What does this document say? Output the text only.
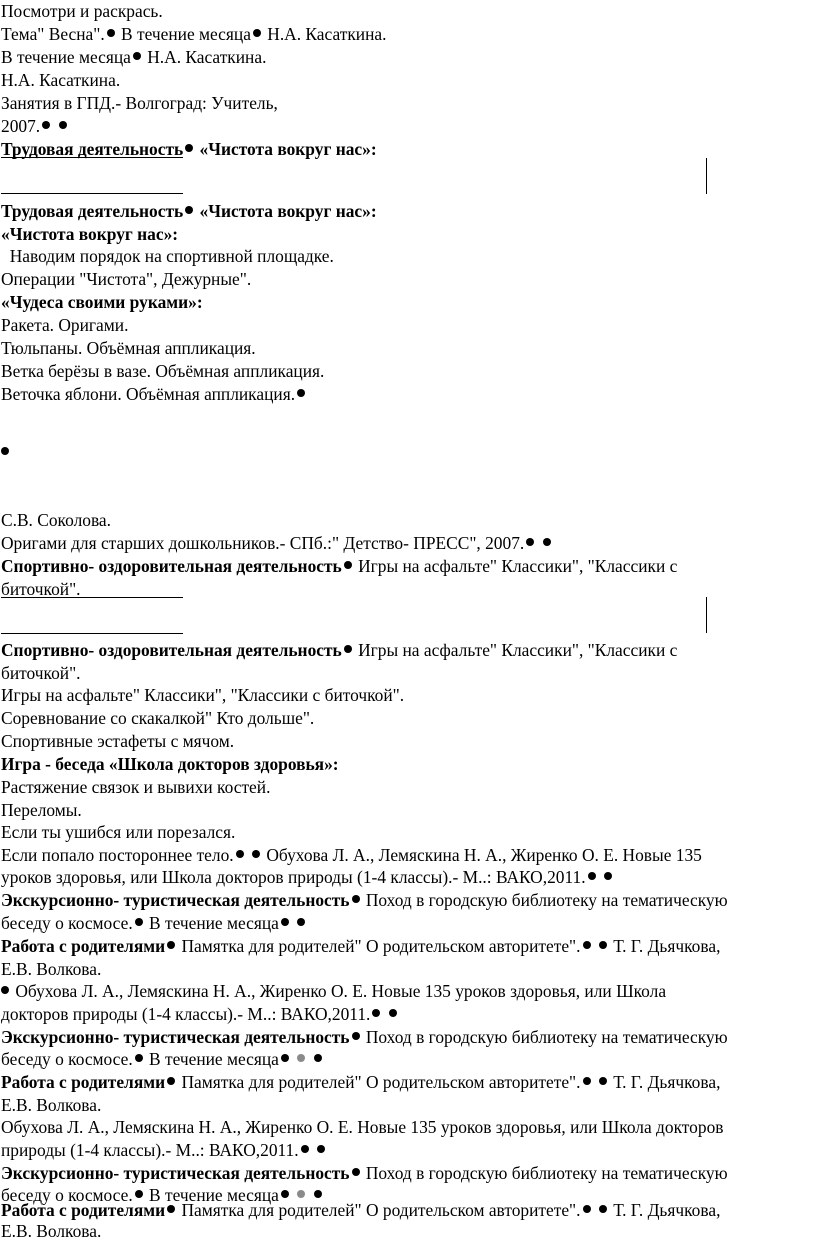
Посмотри и раскрась.
Тема" Весна". В течение месяца Н.А. Касаткина.
В течение месяца Н.А. Касаткина.
Н.А. Касаткина.
Занятия в ГПД.- Волгоград: Учитель,
2007.
Трудовая деятельность «Чистота вокруг нас»:
Трудовая деятельность «Чистота вокруг нас»:
«Чистота вокруг нас»:
Наводим порядок на спортивной площадке.
Операции "Чистота", Дежурные".
«Чудеса своими руками»:
Ракета. Оригами.
Тюльпаны. Объёмная аппликация.
Ветка берёзы в вазе. Объёмная аппликация.
Веточка яблони. Объёмная аппликация.
С.В. Соколова.
Оригами для старших дошкольников.- СПб.:" Детство- ПРЕСС", 2007.
Спортивно- оздоровительная деятельность Игры на асфальте" Классики", "Классики с
биточкой".
Спортивно- оздоровительная деятельность Игры на асфальте" Классики", "Классики с
биточкой".
Игры на асфальте" Классики", "Классики с биточкой".
Соревнование со скакалкой" Кто дольше".
Спортивные эстафеты с мячом.
Игра - беседа «Школа докторов здоровья»:
Растяжение связок и вывихи костей.
Переломы.
Если ты ушибся или порезался.
Если попало постороннее тело.  Обухова Л. А., Лемяскина Н. А., Жиренко О. Е. Новые 135
уроков здоровья, или Школа докторов природы (1-4 классы).- М..: ВАКО,2011.
Экскурсионно- туристическая деятельность Поход в городскую библиотеку на тематическую
беседу о космосе. В течение месяца
Работа с родителями Памятка для родителей" О родительском авторитете".  Т. Г. Дьячкова,
Е.В. Волкова.
Обухова Л. А., Лемяскина Н. А., Жиренко О. Е. Новые 135 уроков здоровья, или Школа
докторов природы (1-4 классы).- М..: ВАКО,2011.
Экскурсионно- туристическая деятельность Поход в городскую библиотеку на тематическую
беседу о космосе. В течение месяца
Работа с родителями Памятка для родителей" О родительском авторитете".  Т. Г. Дьячкова,
Е.В. Волкова.
Обухова Л. А., Лемяскина Н. А., Жиренко О. Е. Новые 135 уроков здоровья, или Школа докторов
природы (1-4 классы).- М..: ВАКО,2011.
Экскурсионно- туристическая деятельность Поход в городскую библиотеку на тематическую
беседу о космосе. В течение месяца
Работа с родителями Памятка для родителей" О родительском авторитете".  Т. Г. Дьячкова,
Е.В. Волкова.
